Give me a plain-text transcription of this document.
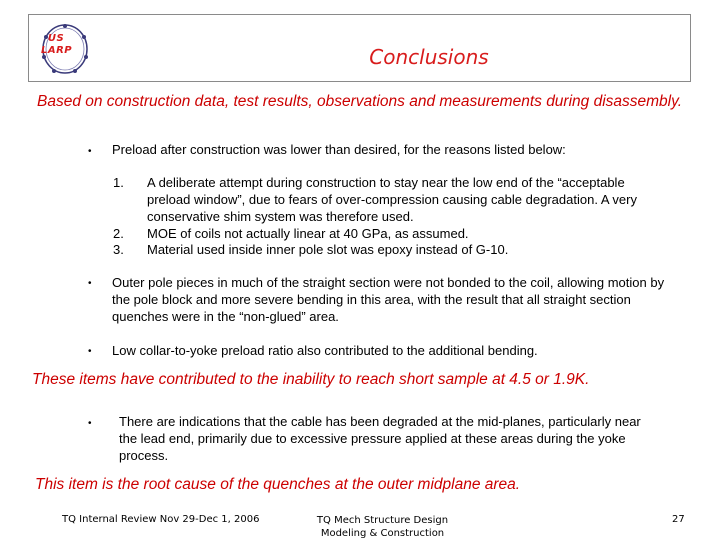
US
LARP	Conclusions
Based on construction data, test results, observations and measurements during disassembly.
•	Preload after construction was lower than desired, for the reasons listed below:
1.	A deliberate attempt during construction to stay near the low end of the “acceptable preload window”, due to fears of over-compression causing cable degradation. A very conservative shim system was therefore used.
2.	MOE of coils not actually linear at 40 GPa, as assumed.
3.	Material used inside inner pole slot was epoxy instead of G-10.
•	Outer pole pieces in much of the straight section were not bonded to the coil, allowing motion by the pole block and more severe bending in this area, with the result that all straight section quenches were in the “non-glued” area.
•	Low collar-to-yoke preload ratio also contributed to the additional bending.
These items have contributed to the inability to reach short sample at 4.5 or 1.9K.
•	There are indications that the cable has been degraded at the mid-planes, particularly near the lead end, primarily due to excessive pressure applied at these areas during the yoke process.
This item is the root cause of the quenches at the outer midplane area.
TQ Internal Review Nov 29-Dec 1, 2006	TQ Mech Structure Design
Modeling & Construction
27
